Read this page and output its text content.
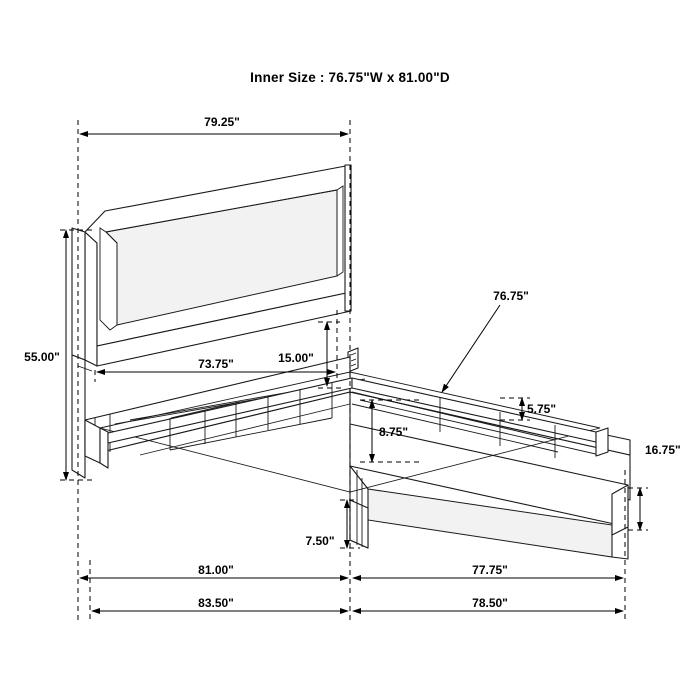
Inner Size : 76.75"W x 81.00"D
79.25"
55.00"	73.75"	15.00"
76.75"
5.75"
16.75"
8.75"
7.50"
81.00"	77.75"
83.50"	78.50"
